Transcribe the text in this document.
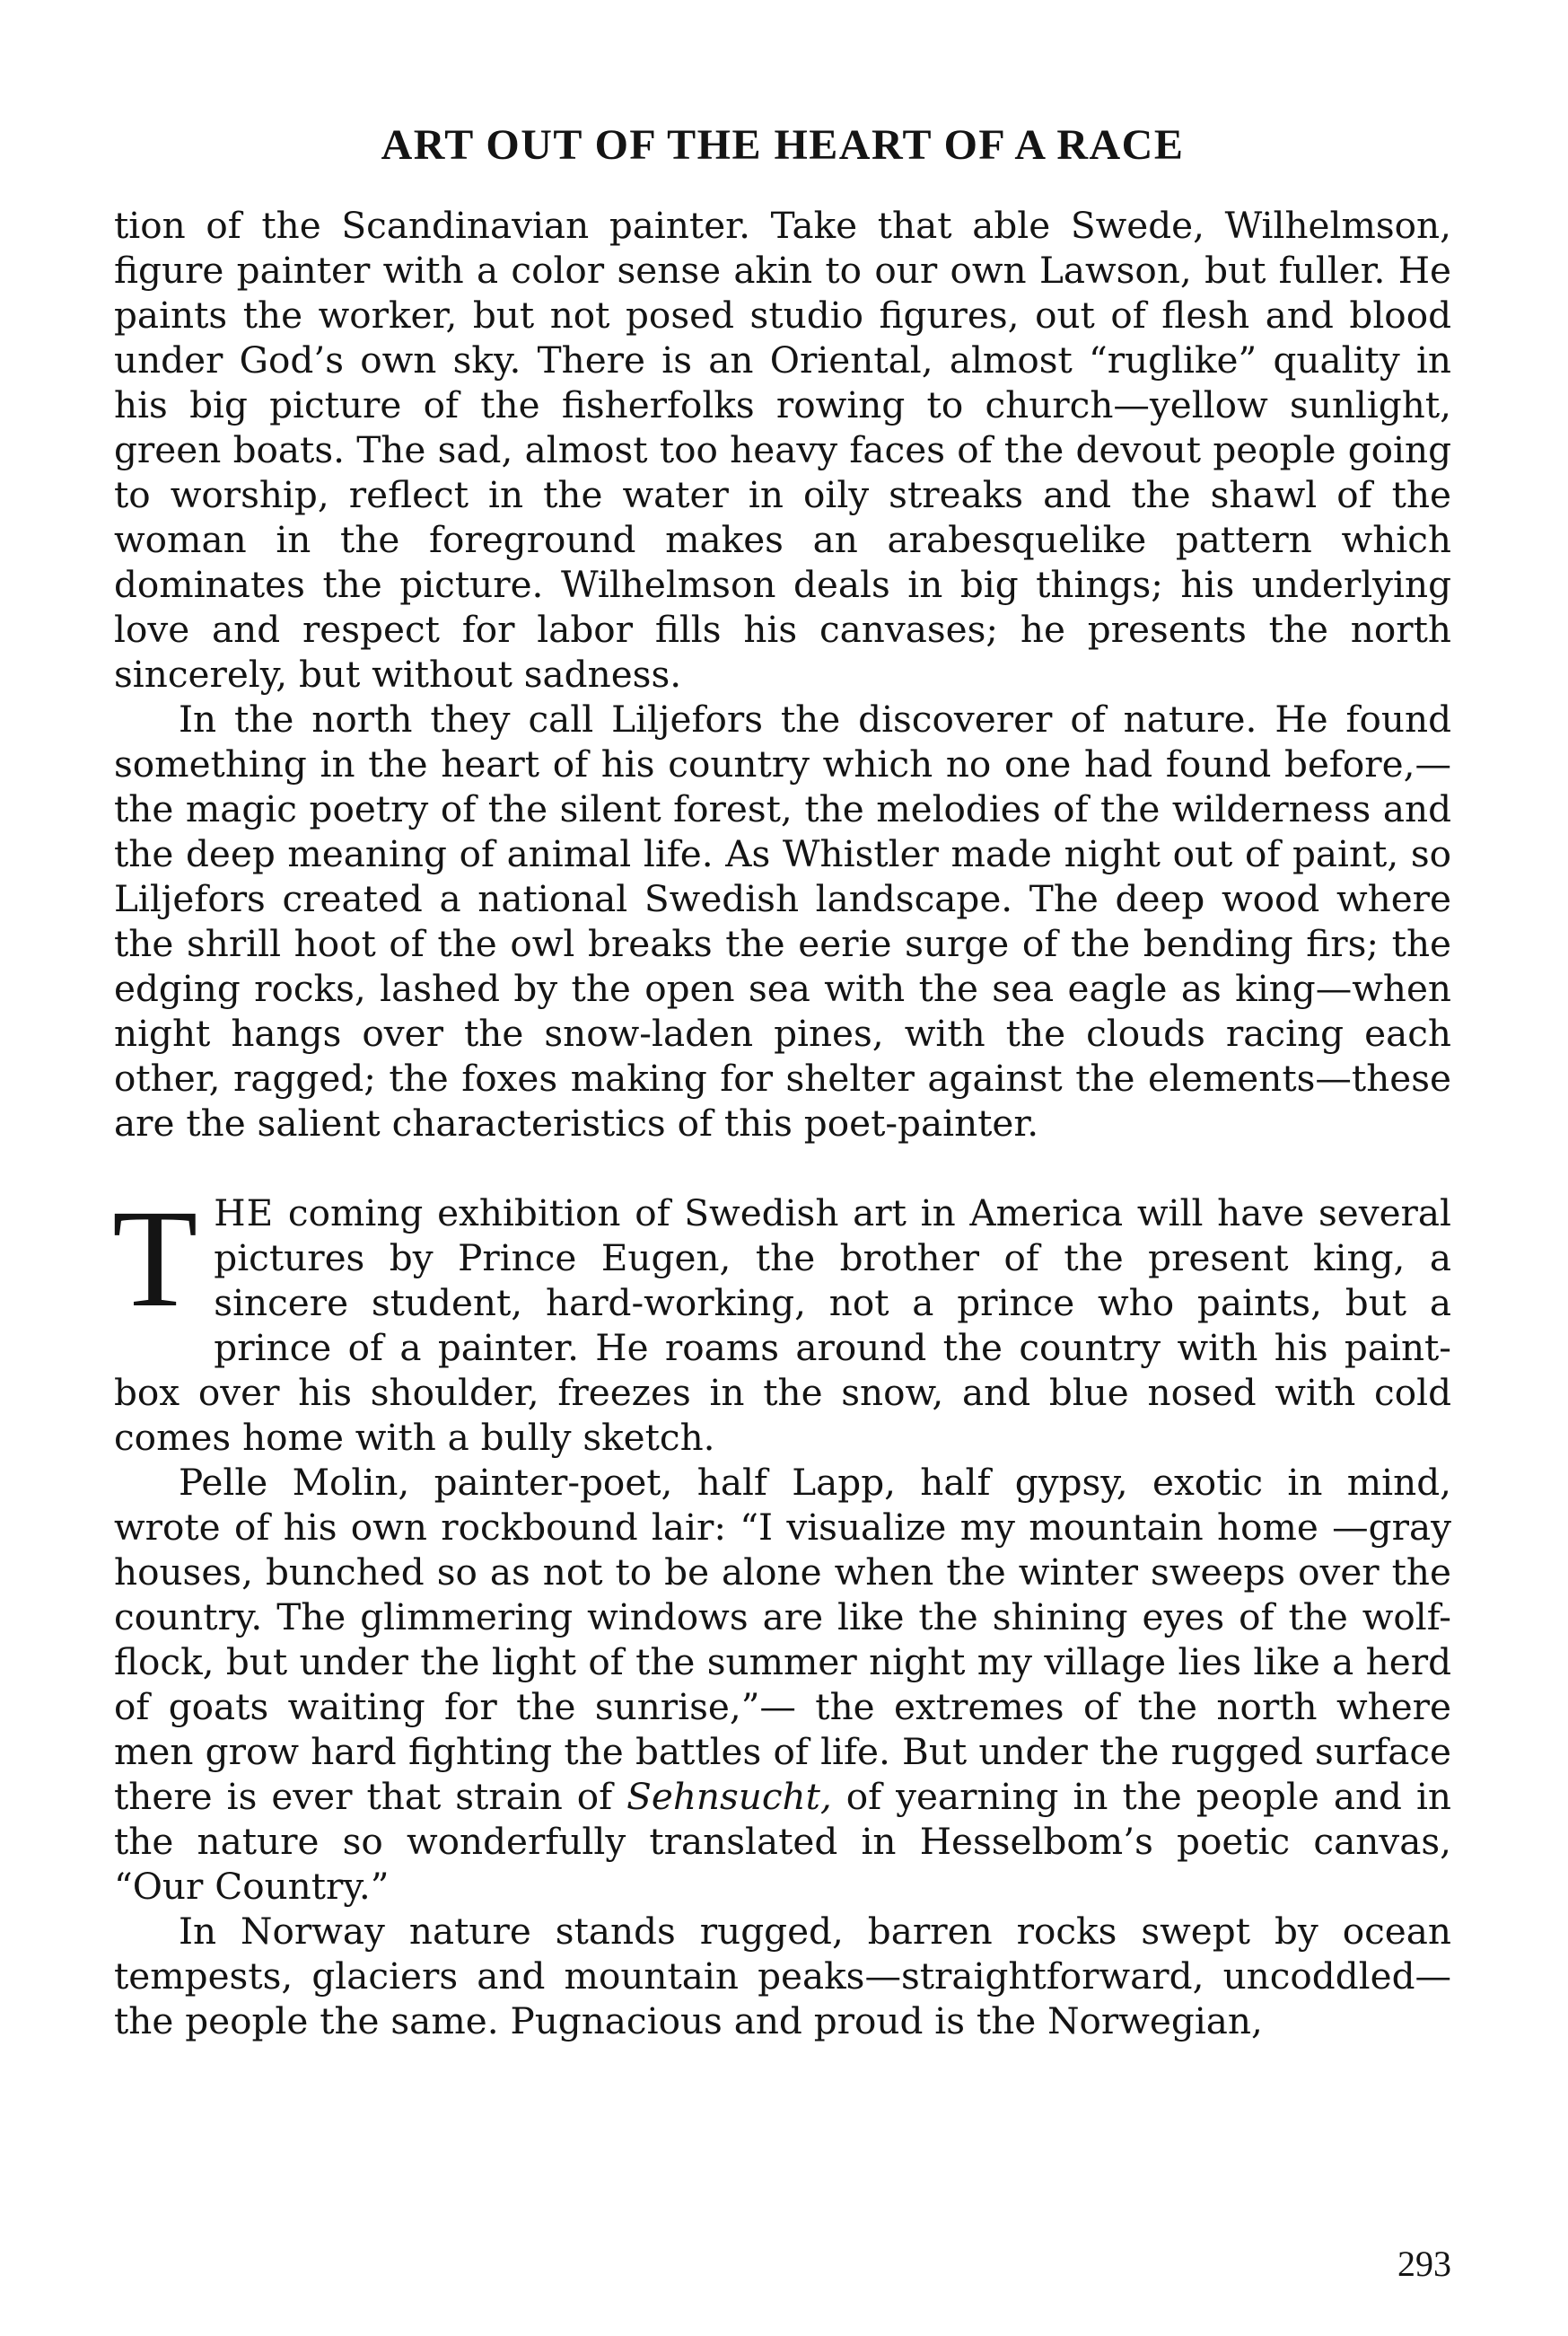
ART OUT OF THE HEART OF A RACE

tion of the Scandinavian painter. Take that able Swede, Wilhelmson, figure painter with a color sense akin to our own Lawson, but fuller. He paints the worker, but not posed studio figures, out of flesh and blood under God’s own sky. There is an Oriental, almost “ruglike” quality in his big picture of the fisherfolks rowing to church—yellow sunlight, green boats. The sad, almost too heavy faces of the devout people going to worship, reflect in the water in oily streaks and the shawl of the woman in the foreground makes an arabesquelike pattern which dominates the picture. Wilhelmson deals in big things; his underlying love and respect for labor fills his canvases; he presents the north sincerely, but without sadness.

In the north they call Liljefors the discoverer of nature. He found something in the heart of his country which no one had found before,—the magic poetry of the silent forest, the melodies of the wilderness and the deep meaning of animal life. As Whistler made night out of paint, so Liljefors created a national Swedish landscape. The deep wood where the shrill hoot of the owl breaks the eerie surge of the bending firs; the edging rocks, lashed by the open sea with the sea eagle as king—when night hangs over the snow-laden pines, with the clouds racing each other, ragged; the foxes making for shelter against the elements—these are the salient characteristics of this poet-painter.

THE coming exhibition of Swedish art in America will have several pictures by Prince Eugen, the brother of the present king, a sincere student, hard-working, not a prince who paints, but a prince of a painter. He roams around the country with his paint-box over his shoulder, freezes in the snow, and blue nosed with cold comes home with a bully sketch.

Pelle Molin, painter-poet, half Lapp, half gypsy, exotic in mind, wrote of his own rockbound lair: “I visualize my mountain home —gray houses, bunched so as not to be alone when the winter sweeps over the country. The glimmering windows are like the shining eyes of the wolf-flock, but under the light of the summer night my village lies like a herd of goats waiting for the sunrise,”— the extremes of the north where men grow hard fighting the battles of life. But under the rugged surface there is ever that strain of Sehnsucht, of yearning in the people and in the nature so wonderfully translated in Hesselbom’s poetic canvas, “Our Country.”

In Norway nature stands rugged, barren rocks swept by ocean tempests, glaciers and mountain peaks—straightforward, uncoddled—the people the same. Pugnacious and proud is the Norwegian,

293
